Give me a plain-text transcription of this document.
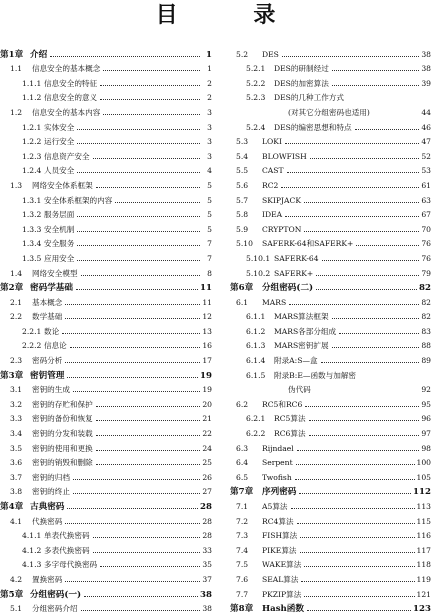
目 录
第1章 介绍	1
1.1	信息安全的基本概念	1
1.1.1 信息安全的特征	2
1.1.2 信息安全的意义	2
1.2	信息安全的基本内容	3
1.2.1 实体安全	3
1.2.2 运行安全	3
1.2.3 信息资产安全	3
1.2.4 人员安全	4
1.3	网络安全体系框架	5
1.3.1 安全体系框架的内容	5
1.3.2 服务层面	5
1.3.3 安全机制	5
1.3.4 安全服务	7
1.3.5 应用安全	7
1.4	网络安全模型	8
第2章 密码学基础	11
2.1	基本概念	11
2.2	数学基础	12
2.2.1 数论	13
2.2.2 信息论	16
2.3	密码分析	17
第3章 密钥管理	19
3.1	密钥的生成	19
3.2	密钥的存贮和保护	20
3.3	密钥的备份和恢复	21
3.4	密钥的分发和装载	22
3.5	密钥的使用和更换	24
3.6	密钥的销毁和删除	25
3.7	密钥的归档	26
3.8	密钥的终止	27
第4章 古典密码	28
4.1	代换密码	28
4.1.1 单表代换密码	28
4.1.2 多表代换密码	33
4.1.3 多字母代换密码	35
4.2	置换密码	37
第5章 分组密码(一)	38
5.1	分组密码介绍	38
5.2	DES	38
5.2.1	DES的研制经过	38
5.2.2	DES的加密算法	39
5.2.3	DES的几种工作方式
(对其它分组密码也适用)	44
5.2.4	DES的编密思想和特点	46
5.3	LOKI	47
5.4	BLOWFISH	52
5.5	CAST	53
5.6	RC2	61
5.7	SKIPJACK	63
5.8	IDEA	67
5.9	CRYPTON	70
5.10	SAFERK-64和SAFERK+	76
5.10.1 SAFERK-64	76
5.10.2 SAFERK+	79
第6章	分组密码(二)	82
6.1	MARS	82
6.1.1	MARS算法框架	82
6.1.2	MARS各部分组成	83
6.1.3	MARS密钥扩展	88
6.1.4	附录A:S—盒	89
6.1.5	附录B:E—函数与加解密
伪代码	92
6.2	RC5和RC6	95
6.2.1	RC5算法	96
6.2.2	RC6算法	97
6.3	Rijndael	98
6.4	Serpent	100
6.5	Twofish	105
第7章	序列密码	112
7.1	A5算法	113
7.2	RC4算法	115
7.3	FISH算法	116
7.4	PIKE算法	117
7.5	WAKE算法	118
7.6	SEAL算法	119
7.7	PKZIP算法	121
第8章	Hash函数	123
